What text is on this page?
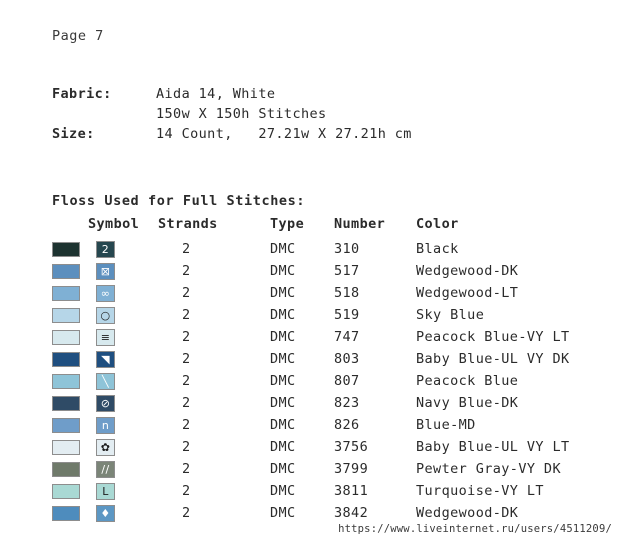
Page 7
Fabric:	Aida 14, White
150w X 150h Stitches
Size:	14 Count,   27.21w X 27.21h cm
Floss Used for Full Stitches:
	Symbol	Strands	Type	Number	Color

2	2	DMC	310	Black

⊠	2	DMC	517	Wedgewood-DK

∞	2	DMC	518	Wedgewood-LT

○	2	DMC	519	Sky Blue

≡	2	DMC	747	Peacock Blue-VY LT

◥	2	DMC	803	Baby Blue-UL VY DK

╲	2	DMC	807	Peacock Blue

⊘	2	DMC	823	Navy Blue-DK

n	2	DMC	826	Blue-MD

✿	2	DMC	3756	Baby Blue-UL VY LT

//	2	DMC	3799	Pewter Gray-VY DK

L	2	DMC	3811	Turquoise-VY LT

♦	2	DMC	3842	Wedgewood-DK
https://www.liveinternet.ru/users/4511209/
